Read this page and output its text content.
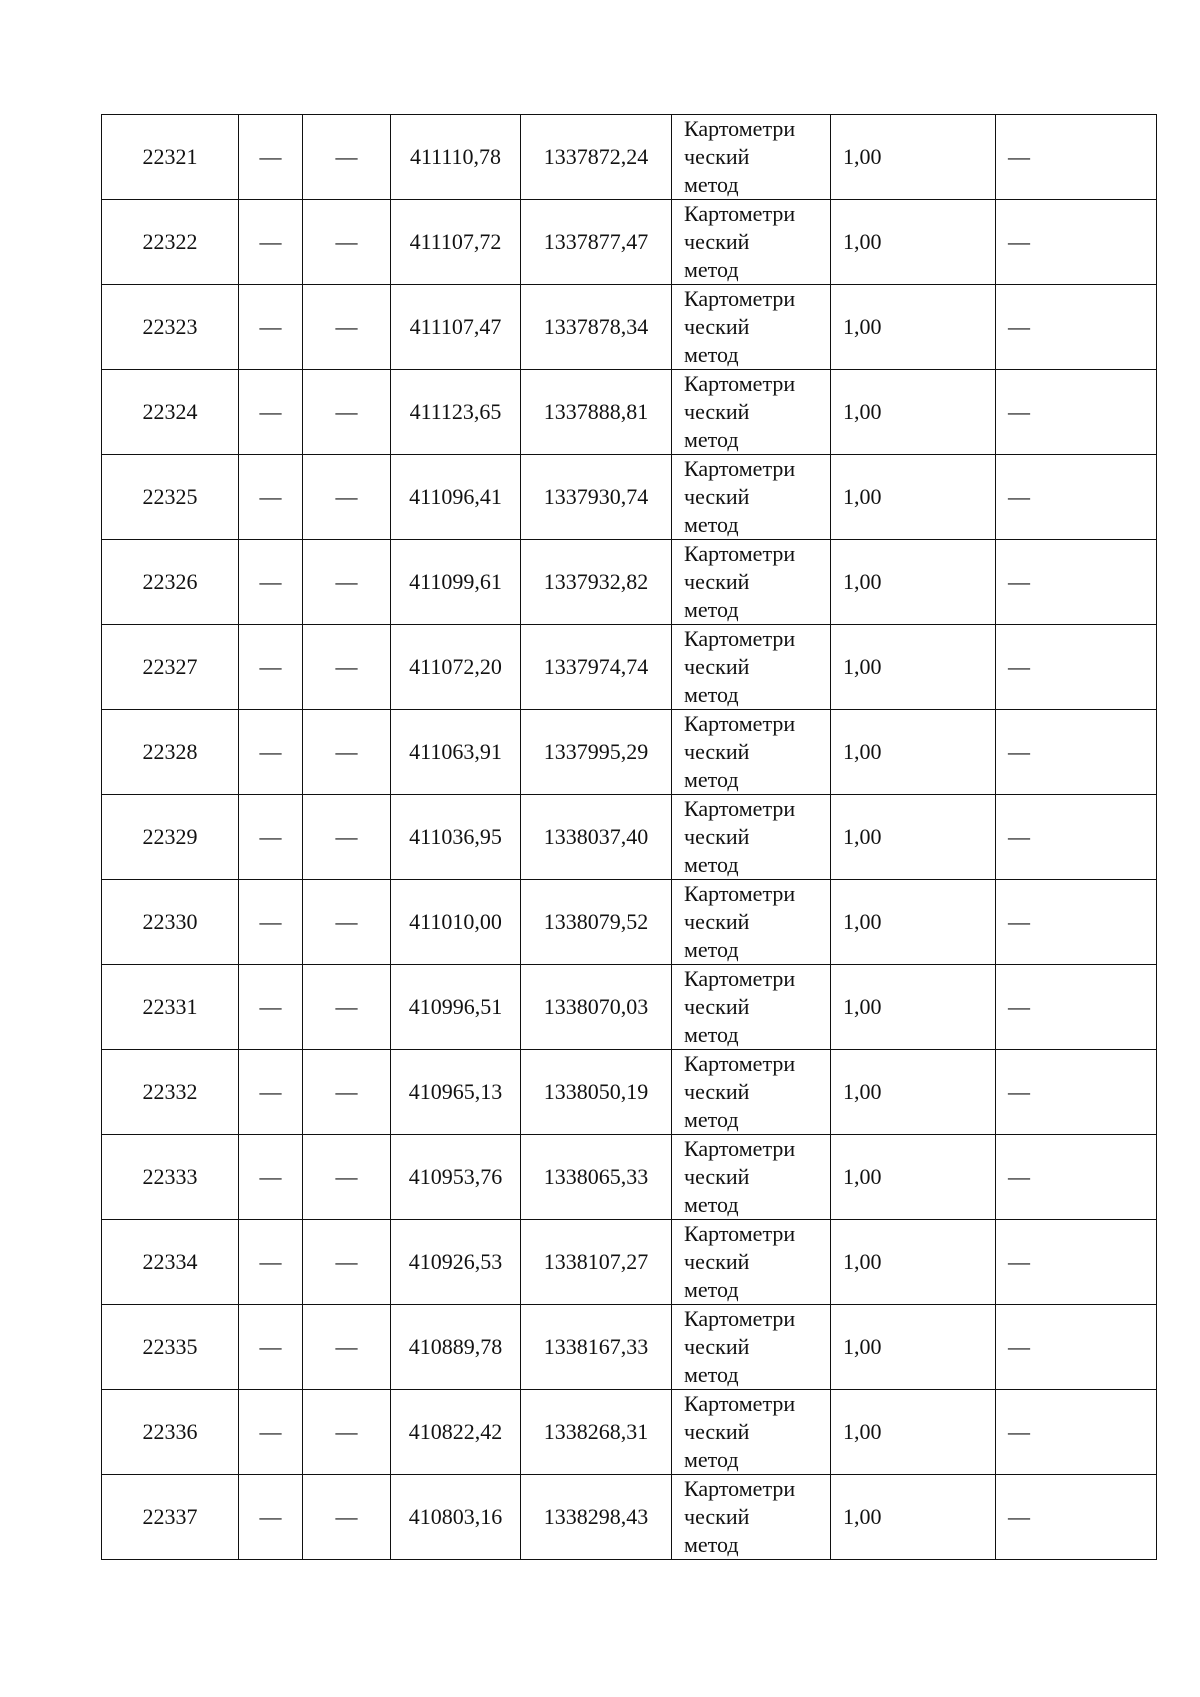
22321	—	—	411110,78	1337872,24	Картометри
ческий
метод	1,00	—
22322	—	—	411107,72	1337877,47	Картометри
ческий
метод	1,00	—
22323	—	—	411107,47	1337878,34	Картометри
ческий
метод	1,00	—
22324	—	—	411123,65	1337888,81	Картометри
ческий
метод	1,00	—
22325	—	—	411096,41	1337930,74	Картометри
ческий
метод	1,00	—
22326	—	—	411099,61	1337932,82	Картометри
ческий
метод	1,00	—
22327	—	—	411072,20	1337974,74	Картометри
ческий
метод	1,00	—
22328	—	—	411063,91	1337995,29	Картометри
ческий
метод	1,00	—
22329	—	—	411036,95	1338037,40	Картометри
ческий
метод	1,00	—
22330	—	—	411010,00	1338079,52	Картометри
ческий
метод	1,00	—
22331	—	—	410996,51	1338070,03	Картометри
ческий
метод	1,00	—
22332	—	—	410965,13	1338050,19	Картометри
ческий
метод	1,00	—
22333	—	—	410953,76	1338065,33	Картометри
ческий
метод	1,00	—
22334	—	—	410926,53	1338107,27	Картометри
ческий
метод	1,00	—
22335	—	—	410889,78	1338167,33	Картометри
ческий
метод	1,00	—
22336	—	—	410822,42	1338268,31	Картометри
ческий
метод	1,00	—
22337	—	—	410803,16	1338298,43	Картометри
ческий
метод	1,00	—
